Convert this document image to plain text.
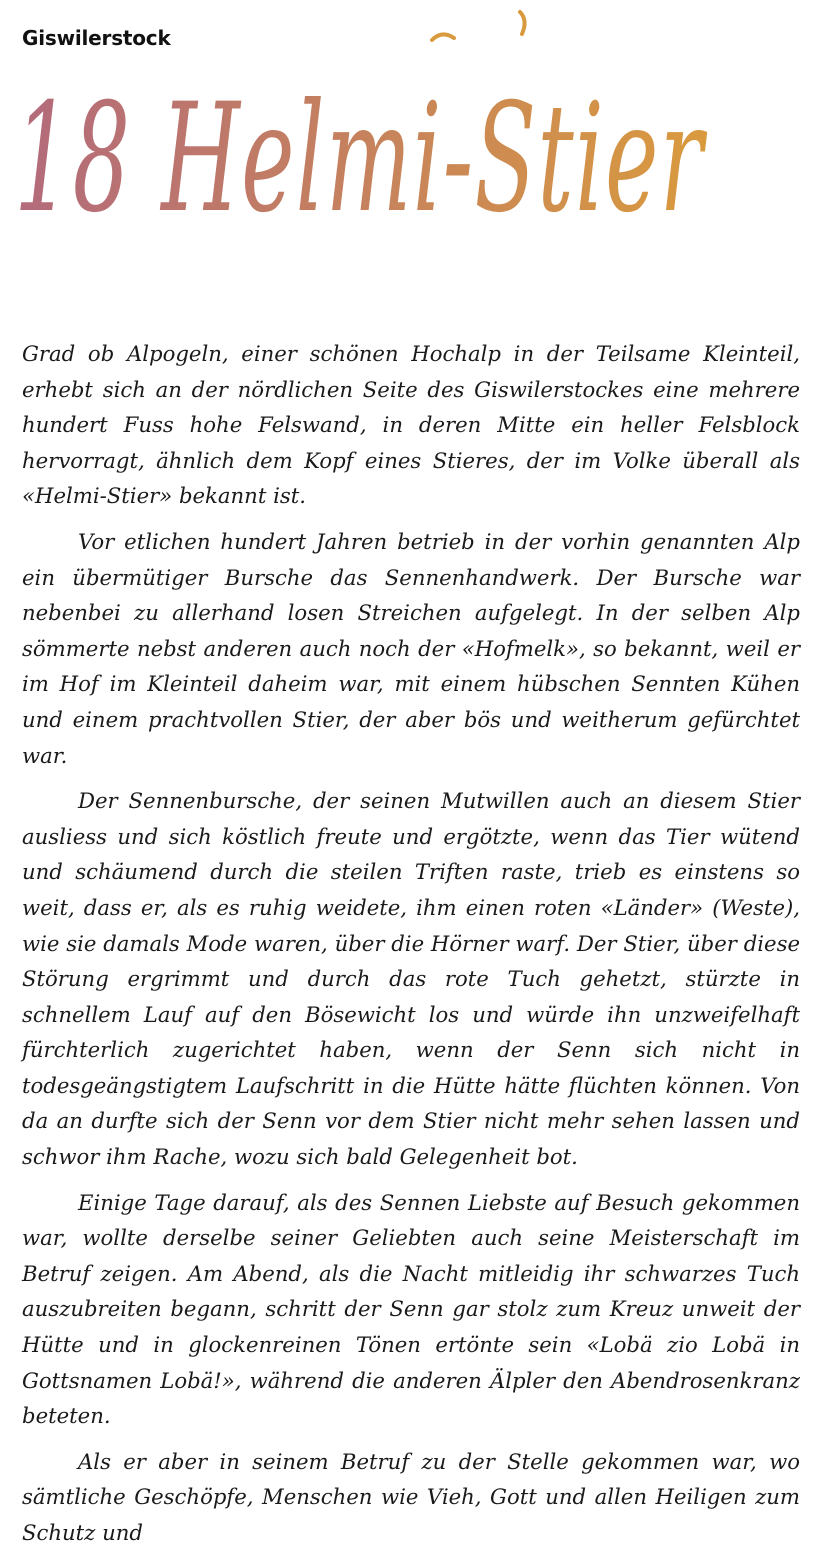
Giswilerstock
18 Helmi-Stier

Grad ob Alpogeln, einer schönen Hochalp in der Teilsame Kleinteil, erhebt sich an der nördlichen Seite des Giswilerstockes eine mehrere hundert Fuss hohe Felswand, in deren Mitte ein heller Felsblock hervorragt, ähnlich dem Kopf eines Stieres, der im Volke überall als «Helmi-Stier» bekannt ist.

Vor etlichen hundert Jahren betrieb in der vorhin genannten Alp ein übermütiger Bursche das Sennenhandwerk. Der Bursche war nebenbei zu allerhand losen Streichen aufgelegt. In der selben Alp sömmerte nebst anderen auch noch der «Hofmelk», so bekannt, weil er im Hof im Kleinteil daheim war, mit einem hübschen Sennten Kühen und einem prachtvollen Stier, der aber bös und weitherum gefürchtet war.

Der Sennenbursche, der seinen Mutwillen auch an diesem Stier ausliess und sich köstlich freute und ergötzte, wenn das Tier wütend und schäumend durch die steilen Triften raste, trieb es einstens so weit, dass er, als es ruhig weidete, ihm einen roten «Länder» (Weste), wie sie damals Mode waren, über die Hörner warf. Der Stier, über diese Störung ergrimmt und durch das rote Tuch gehetzt, stürzte in schnellem Lauf auf den Bösewicht los und würde ihn unzweifelhaft fürchterlich zugerichtet haben, wenn der Senn sich nicht in todesgeängstigtem Laufschritt in die Hütte hätte flüchten können. Von da an durfte sich der Senn vor dem Stier nicht mehr sehen lassen und schwor ihm Rache, wozu sich bald Gelegenheit bot.

Einige Tage darauf, als des Sennen Liebste auf Besuch gekommen war, wollte derselbe seiner Geliebten auch seine Meisterschaft im Betruf zeigen. Am Abend, als die Nacht mitleidig ihr schwarzes Tuch auszubreiten begann, schritt der Senn gar stolz zum Kreuz unweit der Hütte und in glockenreinen Tönen ertönte sein «Lobä zio Lobä in Gottsnamen Lobä!», während die anderen Älpler den Abendrosenkranz beteten.

Als er aber in seinem Betruf zu der Stelle gekommen war, wo sämtliche Geschöpfe, Menschen wie Vieh, Gott und allen Heiligen zum Schutz und
